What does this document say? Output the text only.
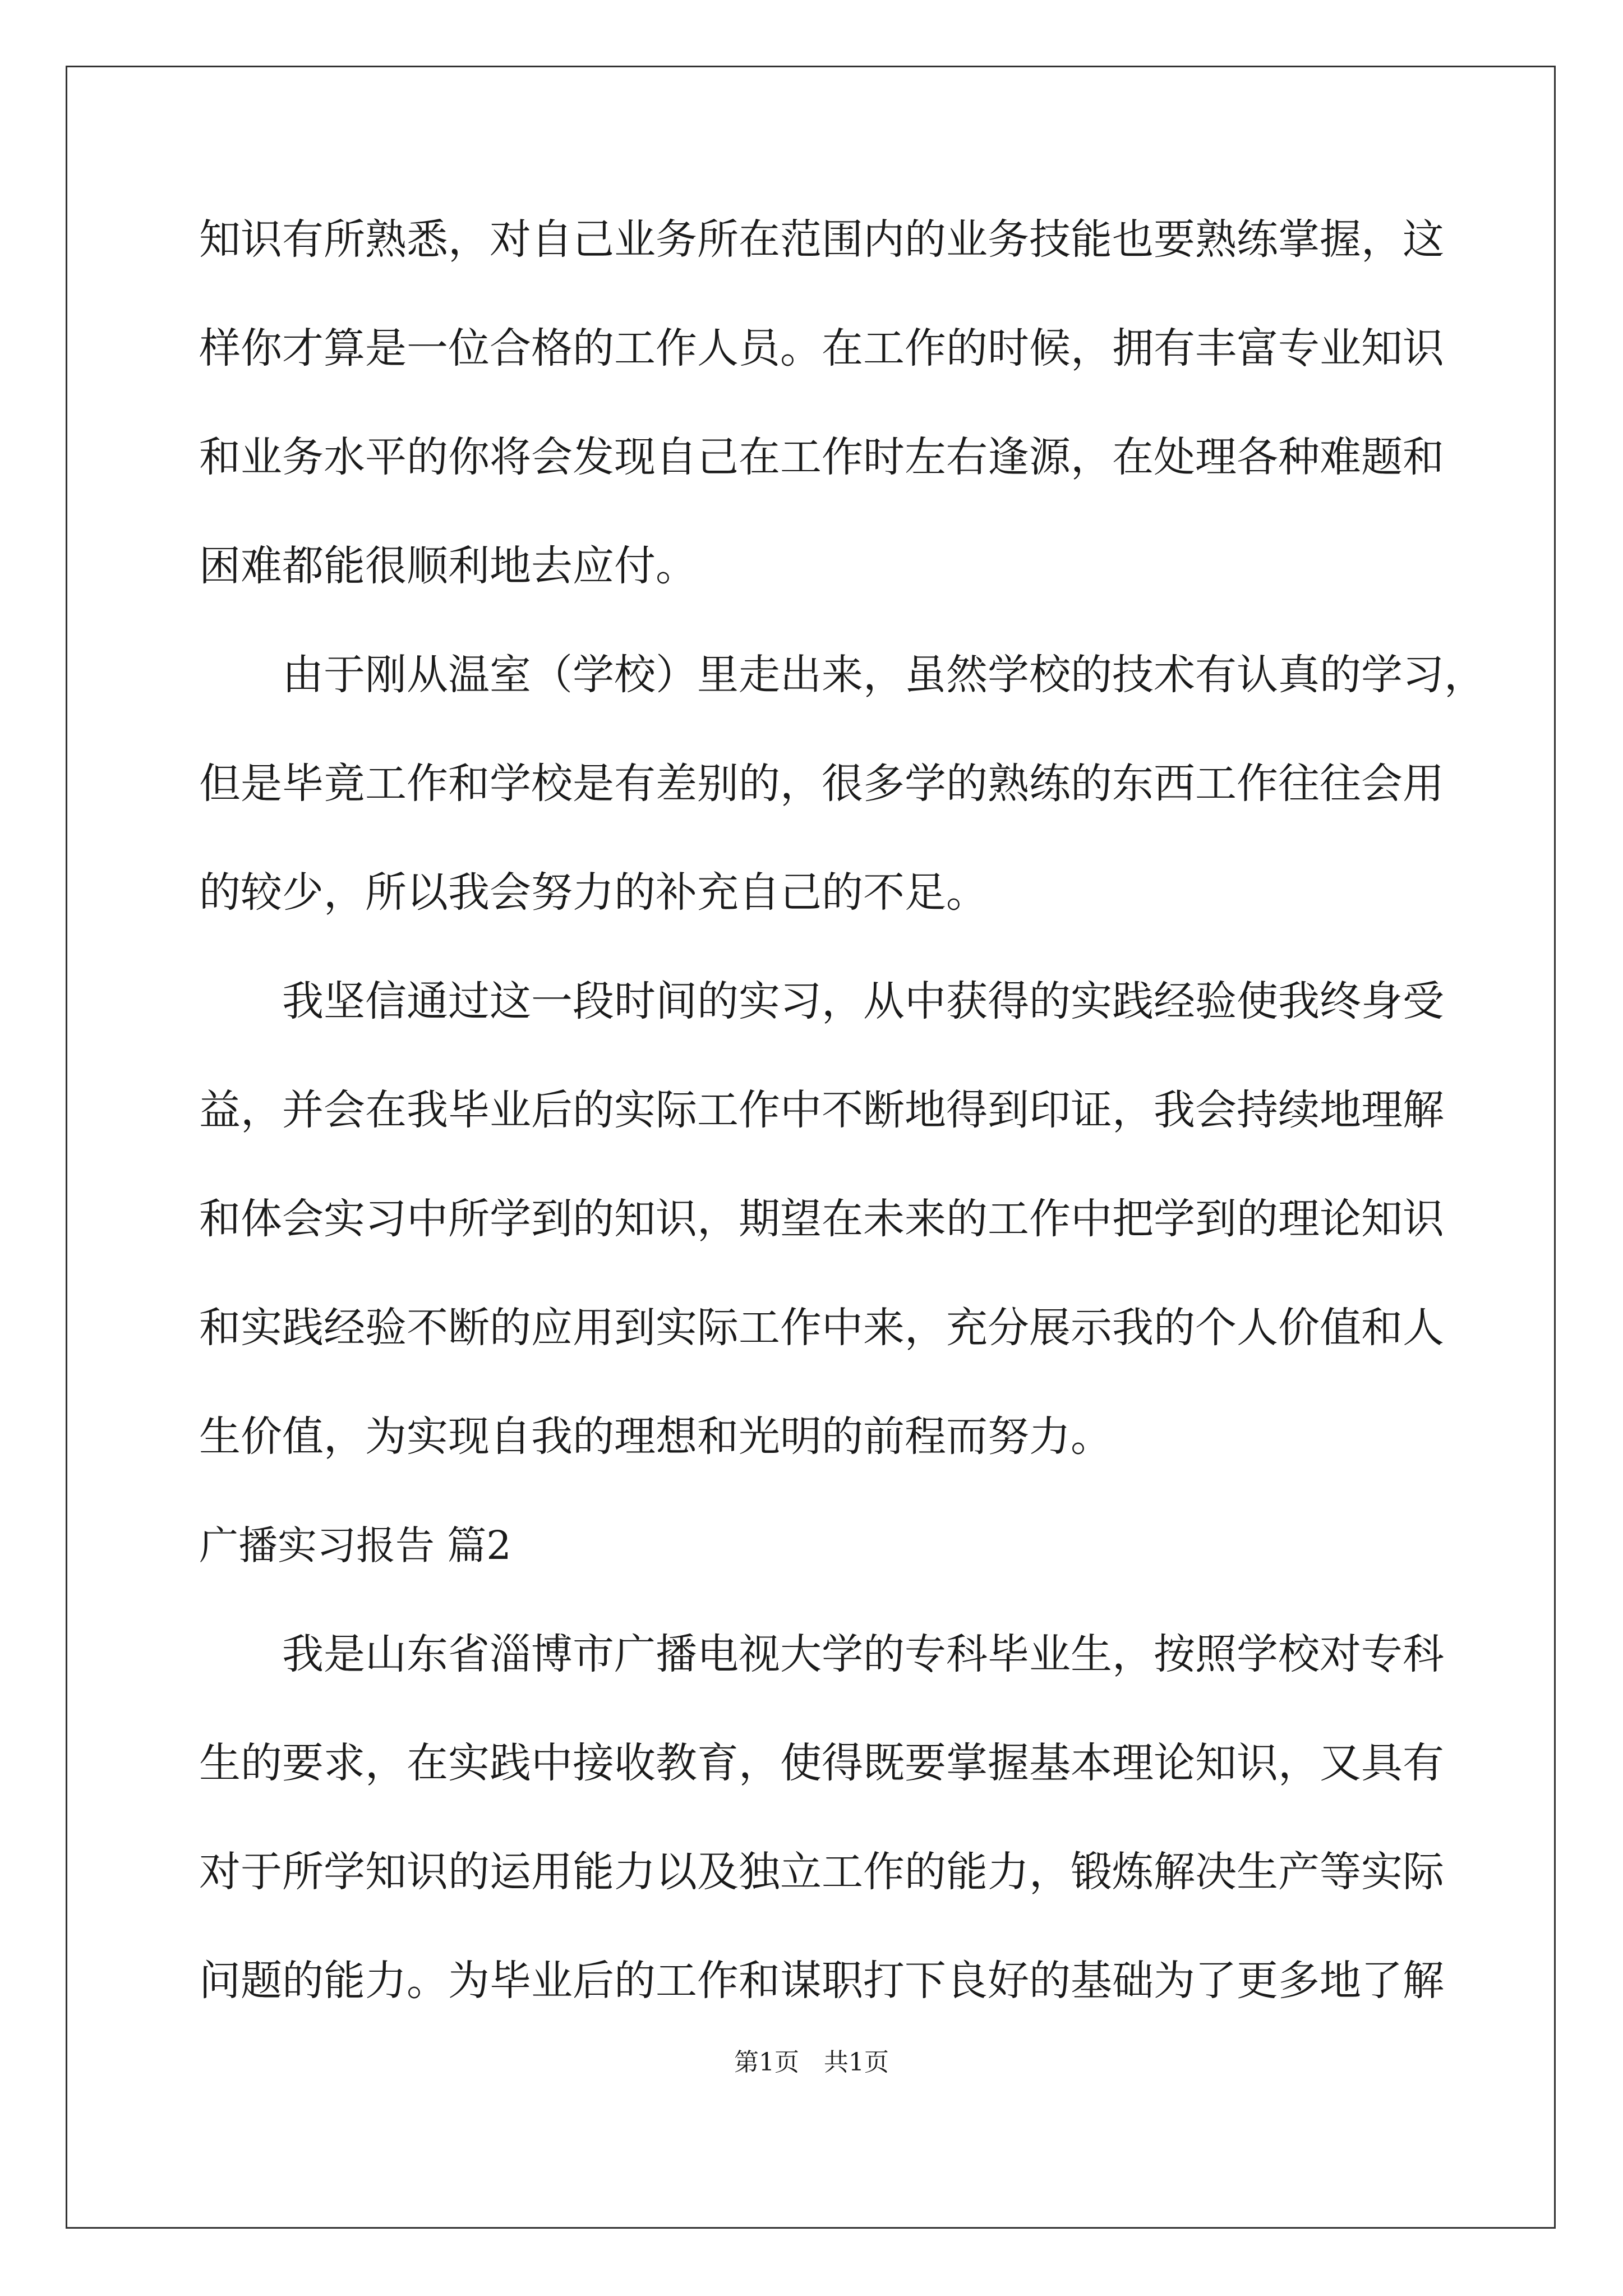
知识有所熟悉，对自己业务所在范围内的业务技能也要熟练掌握，这
样你才算是一位合格的工作人员。在工作的时候，拥有丰富专业知识
和业务水平的你将会发现自己在工作时左右逢源，在处理各种难题和
困难都能很顺利地去应付。
由于刚从温室（学校）里走出来，虽然学校的技术有认真的学习，
但是毕竟工作和学校是有差别的，很多学的熟练的东西工作往往会用
的较少，所以我会努力的补充自己的不足。
我坚信通过这一段时间的实习，从中获得的实践经验使我终身受
益，并会在我毕业后的实际工作中不断地得到印证，我会持续地理解
和体会实习中所学到的知识，期望在未来的工作中把学到的理论知识
和实践经验不断的应用到实际工作中来，充分展示我的个人价值和人
生价值，为实现自我的理想和光明的前程而努力。
广播实习报告 篇2
我是山东省淄博市广播电视大学的专科毕业生，按照学校对专科
生的要求，在实践中接收教育，使得既要掌握基本理论知识，又具有
对于所学知识的运用能力以及独立工作的能力，锻炼解决生产等实际
问题的能力。为毕业后的工作和谋职打下良好的基础为了更多地了解
第1页　共1页
